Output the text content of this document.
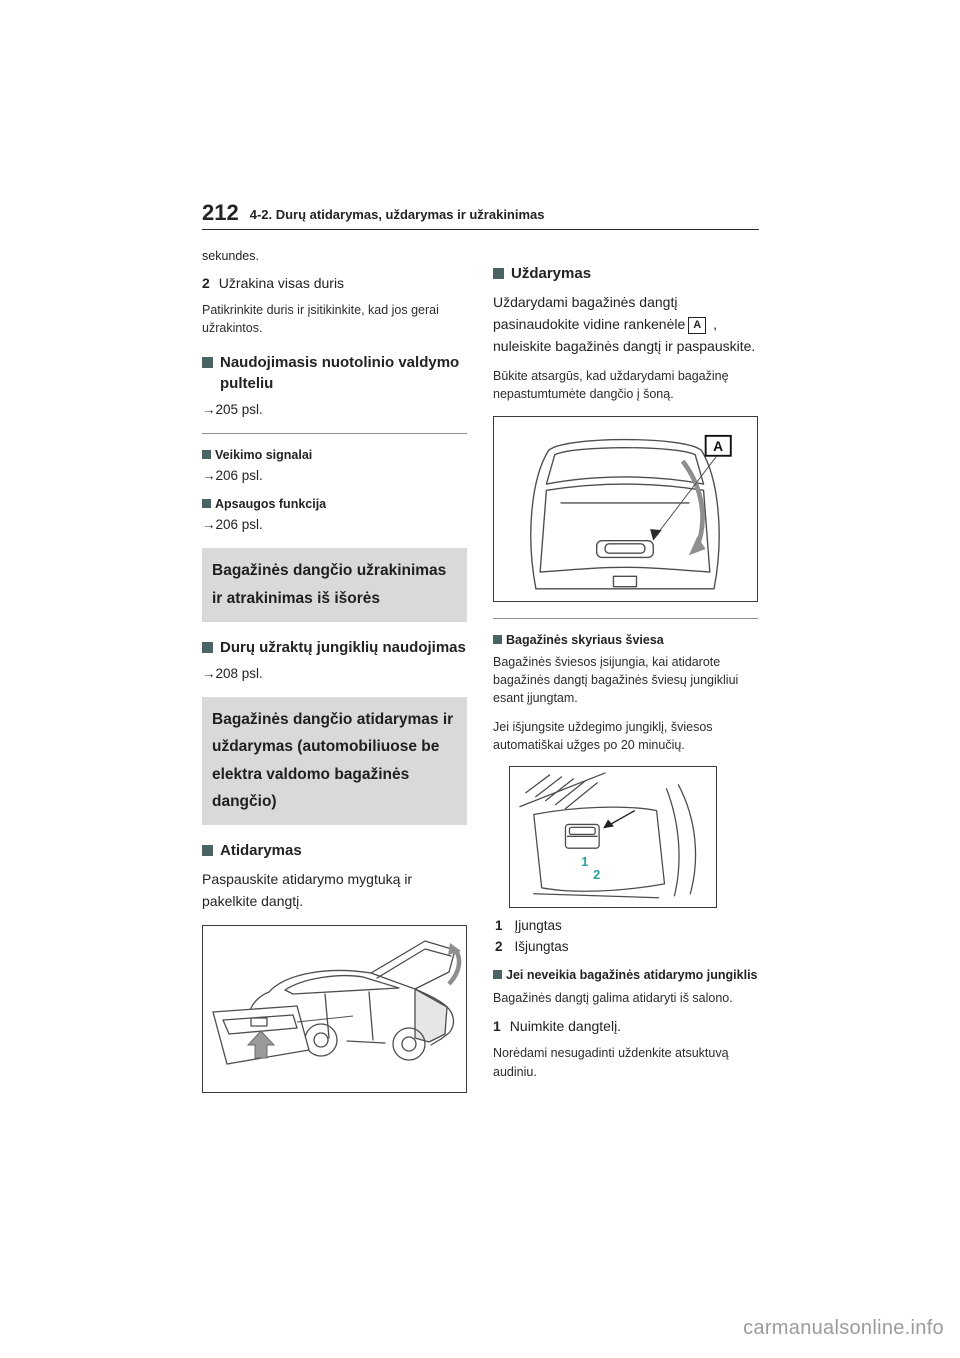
212 4-2. Durų atidarymas, uždarymas ir užrakinimas
sekundes.
2 Užrakina visas duris
Patikrinkite duris ir įsitikinkite, kad jos gerai užrakintos.
Naudojimasis nuotolinio valdymo pulteliu
→205 psl.
Veikimo signalai
→206 psl.
Apsaugos funkcija
→206 psl.
Bagažinės dangčio užrakinimas ir atrakinimas iš išorės
Durų užraktų jungiklių naudojimas
→208 psl.
Bagažinės dangčio atidarymas ir uždarymas (automobiliuose be elektra valdomo bagažinės dangčio)
Atidarymas
Paspauskite atidarymo mygtuką ir pakelkite dangtį.
Uždarymas

Uždarydami bagažinės dangtį pasinaudokite vidine rankenėle A , nuleiskite bagažinės dangtį ir paspauskite.

Būkite atsargūs, kad uždarydami bagažinę nepastumtumėte dangčio į šoną.
A
Bagažinės skyriaus šviesa
Bagažinės šviesos įsijungia, kai atidarote bagažinės dangtį bagažinės šviesų jungikliui esant įjungtam.
Jei išjungsite uždegimo jungiklį, šviesos automatiškai užges po 20 minučių.
1
2
1 Įjungtas
2 Išjungtas
Jei neveikia bagažinės atidarymo jungiklis
Bagažinės dangtį galima atidaryti iš salono.
1 Nuimkite dangtelį.
Norėdami nesugadinti uždenkite atsuktuvą audiniu.
carmanualsonline.info
